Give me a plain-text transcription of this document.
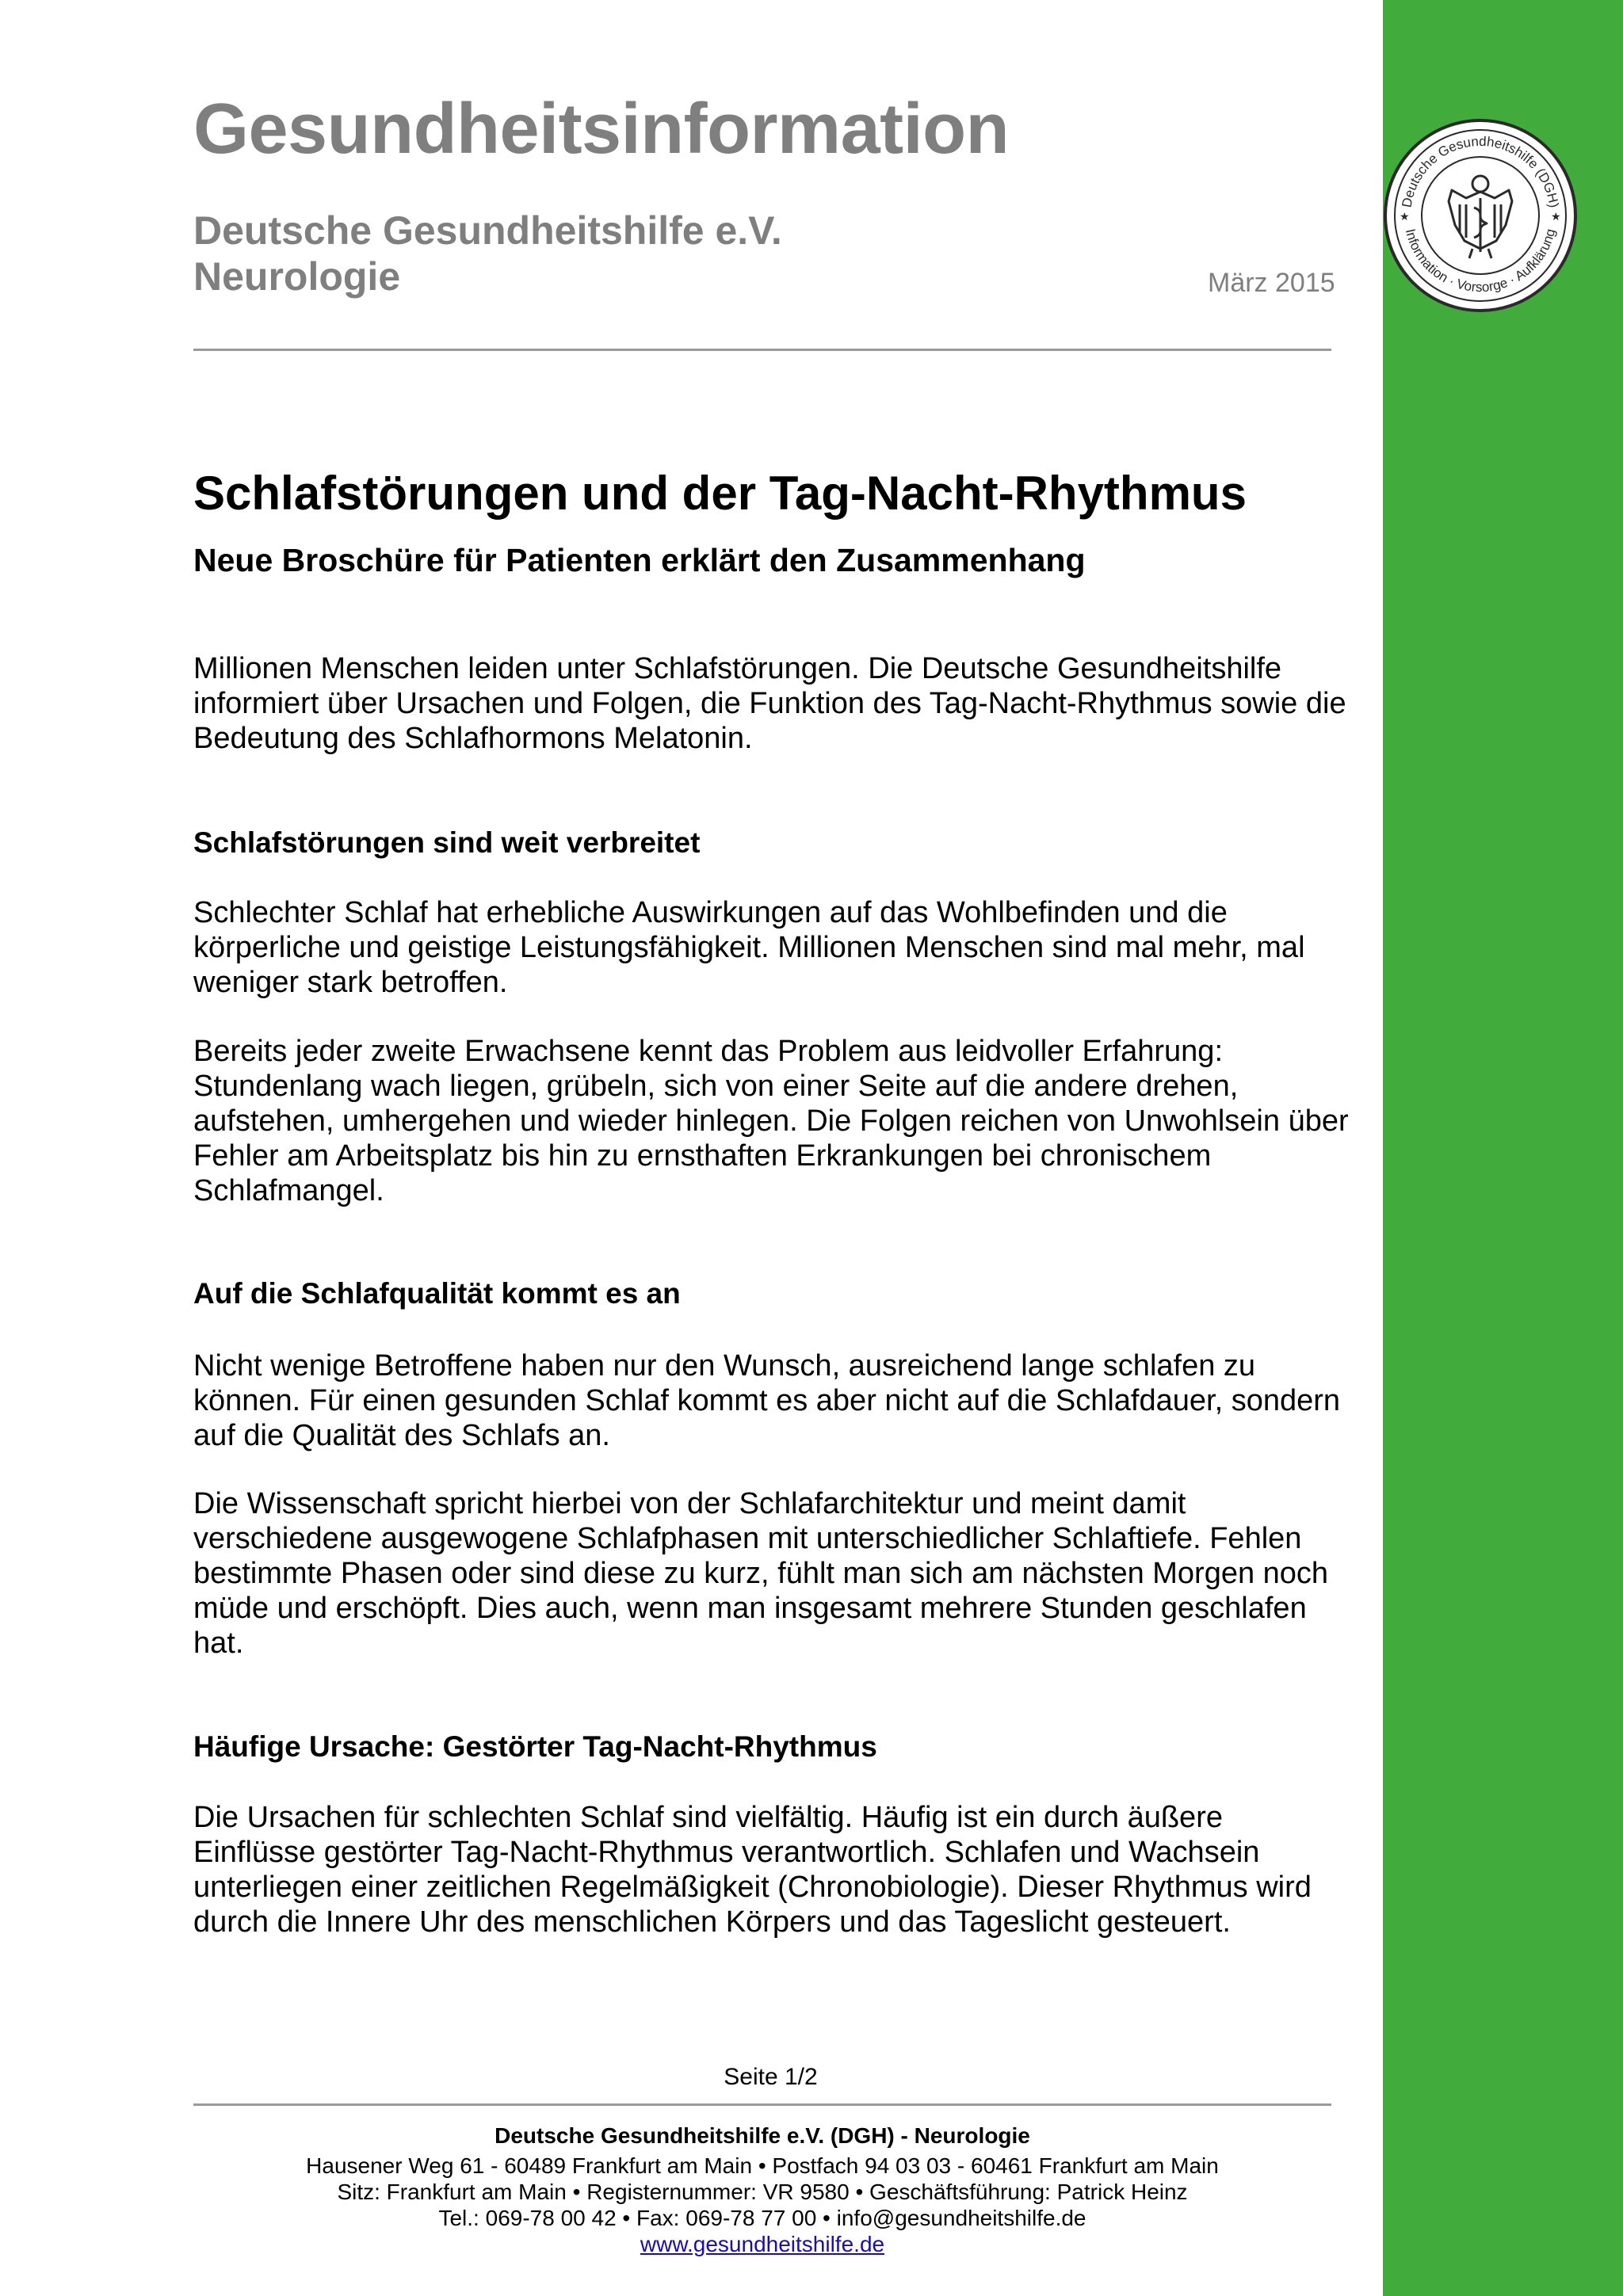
Deutsche Gesundheitshilfe (DGH)
Information · Vorsorge · Aufklärung
★	★
Gesundheitsinformation
Deutsche Gesundheitshilfe e.V.
Neurologie	März 2015
Schlafstörungen und der Tag-Nacht-Rhythmus
Neue Broschüre für Patienten erklärt den Zusammenhang

Millionen Menschen leiden unter Schlafstörungen. Die Deutsche Gesundheitshilfe informiert über Ursachen und Folgen, die Funktion des Tag-Nacht-Rhythmus sowie die Bedeutung des Schlafhormons Melatonin.

Schlafstörungen sind weit verbreitet

Schlechter Schlaf hat erhebliche Auswirkungen auf das Wohlbefinden und die körperliche und geistige Leistungsfähigkeit. Millionen Menschen sind mal mehr, mal weniger stark betroffen.

Bereits jeder zweite Erwachsene kennt das Problem aus leidvoller Erfahrung: Stundenlang wach liegen, grübeln, sich von einer Seite auf die andere drehen, aufstehen, umhergehen und wieder hinlegen. Die Folgen reichen von Unwohlsein über Fehler am Arbeitsplatz bis hin zu ernsthaften Erkrankungen bei chronischem Schlafmangel.

Auf die Schlafqualität kommt es an

Nicht wenige Betroffene haben nur den Wunsch, ausreichend lange schlafen zu können. Für einen gesunden Schlaf kommt es aber nicht auf die Schlafdauer, sondern auf die Qualität des Schlafs an.

Die Wissenschaft spricht hierbei von der Schlafarchitektur und meint damit verschiedene ausgewogene Schlafphasen mit unterschiedlicher Schlaftiefe. Fehlen bestimmte Phasen oder sind diese zu kurz, fühlt man sich am nächsten Morgen noch müde und erschöpft. Dies auch, wenn man insgesamt mehrere Stunden geschlafen hat.

Häufige Ursache: Gestörter Tag-Nacht-Rhythmus

Die Ursachen für schlechten Schlaf sind vielfältig. Häufig ist ein durch äußere Einflüsse gestörter Tag-Nacht-Rhythmus verantwortlich. Schlafen und Wachsein unterliegen einer zeitlichen Regelmäßigkeit (Chronobiologie). Dieser Rhythmus wird durch die Innere Uhr des menschlichen Körpers und das Tageslicht gesteuert.

Seite 1/2
Deutsche Gesundheitshilfe e.V. (DGH) - Neurologie
Hausener Weg 61 - 60489 Frankfurt am Main • Postfach 94 03 03 - 60461 Frankfurt am Main
Sitz: Frankfurt am Main • Registernummer: VR 9580 • Geschäftsführung: Patrick Heinz
Tel.: 069-78 00 42 • Fax: 069-78 77 00 • info@gesundheitshilfe.de
www.gesundheitshilfe.de
